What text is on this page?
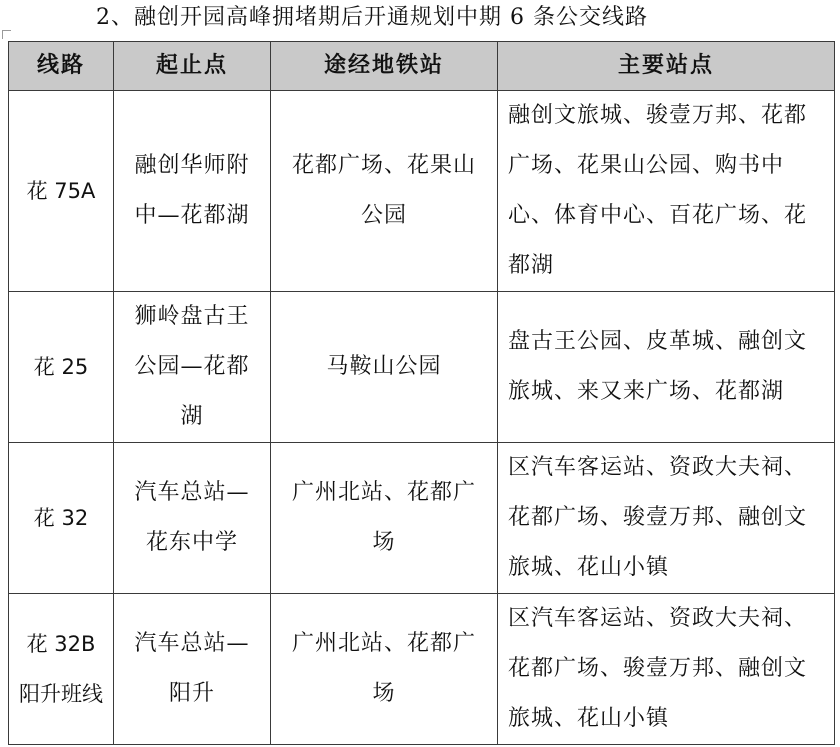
2、融创开园高峰拥堵期后开通规划中期 6 条公交线路
线路	起止点	途经地铁站	主要站点
花 75A	融创华师附中—花都湖	花都广场、花果山公园	融创文旅城、骏壹万邦、花都广场、花果山公园、购书中心、体育中心、百花广场、花都湖
花 25	狮岭盘古王公园—花都湖	马鞍山公园	盘古王公园、皮革城、融创文旅城、来又来广场、花都湖
花 32	汽车总站—花东中学	广州北站、花都广场	区汽车客运站、资政大夫祠、花都广场、骏壹万邦、融创文旅城、花山小镇
花 32B 阳升班线	汽车总站—阳升	广州北站、花都广场	区汽车客运站、资政大夫祠、花都广场、骏壹万邦、融创文旅城、花山小镇
